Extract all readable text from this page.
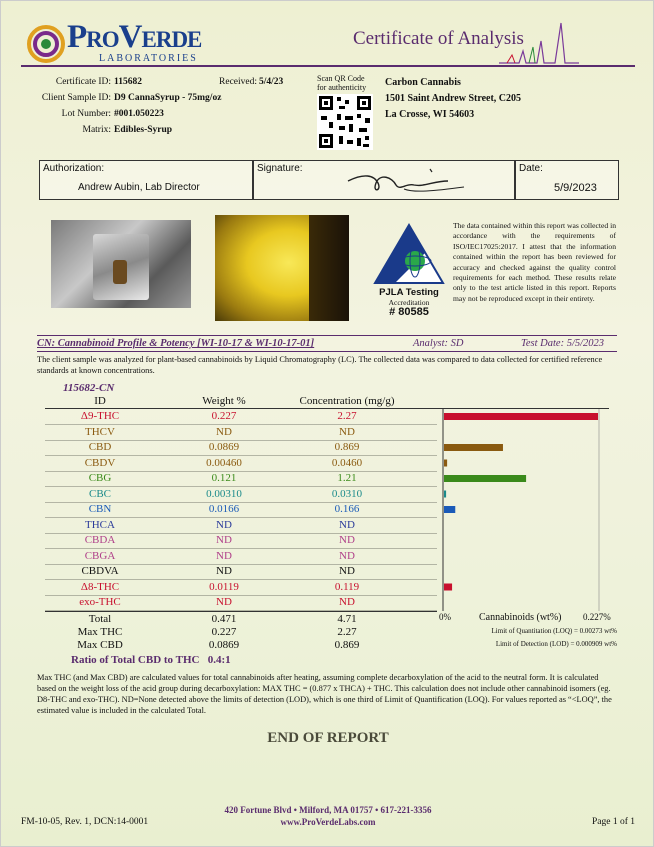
ProVerde
LABORATORIES
Certificate of Analysis
Certificate ID: 115682	Received: 5/4/23
Client Sample ID: D9 CannaSyrup - 75mg/oz
Lot Number: #001.050223
Matrix: Edibles-Syrup
Scan QR Code
for authenticity Carbon Cannabis
1501 Saint Andrew Street, C205
La Crosse, WI 54603
Authorization:
Andrew Aubin, Lab Director
Signature:	Date:
5/9/2023
PJLA Testing
Accreditation
# 80585
The data contained within this report was collected in accordance with the requirements of ISO/IEC17025:2017. I attest that the information contained within the report has been reviewed for accuracy and checked against the quality control requirements for each method. These results relate only to the test article listed in this report. Reports may not be reproduced except in their entirety.
CN: Cannabinoid Profile & Potency [WI-10-17 & WI-10-17-01]	Analyst: SD	Test Date: 5/5/2023
The client sample was analyzed for plant-based cannabinoids by Liquid Chromatography (LC). The collected data was compared to data collected for certified reference standards at known concentrations.
115682-CN
ID	Weight %	Concentration (mg/g)
Δ9-THC	0.227	2.27
THCV	ND	ND
CBD	0.0869	0.869
CBDV	0.00460	0.0460
CBG	0.121	1.21
CBC	0.00310	0.0310
CBN	0.0166	0.166
THCA	ND	ND
CBDA	ND	ND
CBGA	ND	ND
CBDVA	ND	ND
Δ8-THC	0.0119	0.119
exo-THC	ND	ND
Total	0.471	4.71
Max THC	0.227	2.27
Max CBD	0.0869	0.869
0%	Cannabinoids (wt%) 0.227%
Limit of Quantitation (LOQ) = 0.00273 wt%
Limit of Detection (LOD) = 0.000909 wt%
Ratio of Total CBD to THC 0.4:1
Max THC (and Max CBD) are calculated values for total cannabinoids after heating, assuming complete decarboxylation of the acid to the neutral form. It is calculated based on the weight loss of the acid group during decarboxylation: MAX THC = (0.877 x THCA) + THC. This calculation does not include other cannabinoid isomers (eg. D8-THC and exo-THC). ND=None detected above the limits of detection (LOD), which is one third of Limit of Quantification (LOQ). For values reported as “<LOQ”, the estimated value is included in the calculated Total.
END OF REPORT
420 Fortune Blvd • Milford, MA 01757 • 617-221-3356
www.ProVerdeLabs.com
FM-10-05, Rev. 1, DCN:14-0001	Page 1 of 1
